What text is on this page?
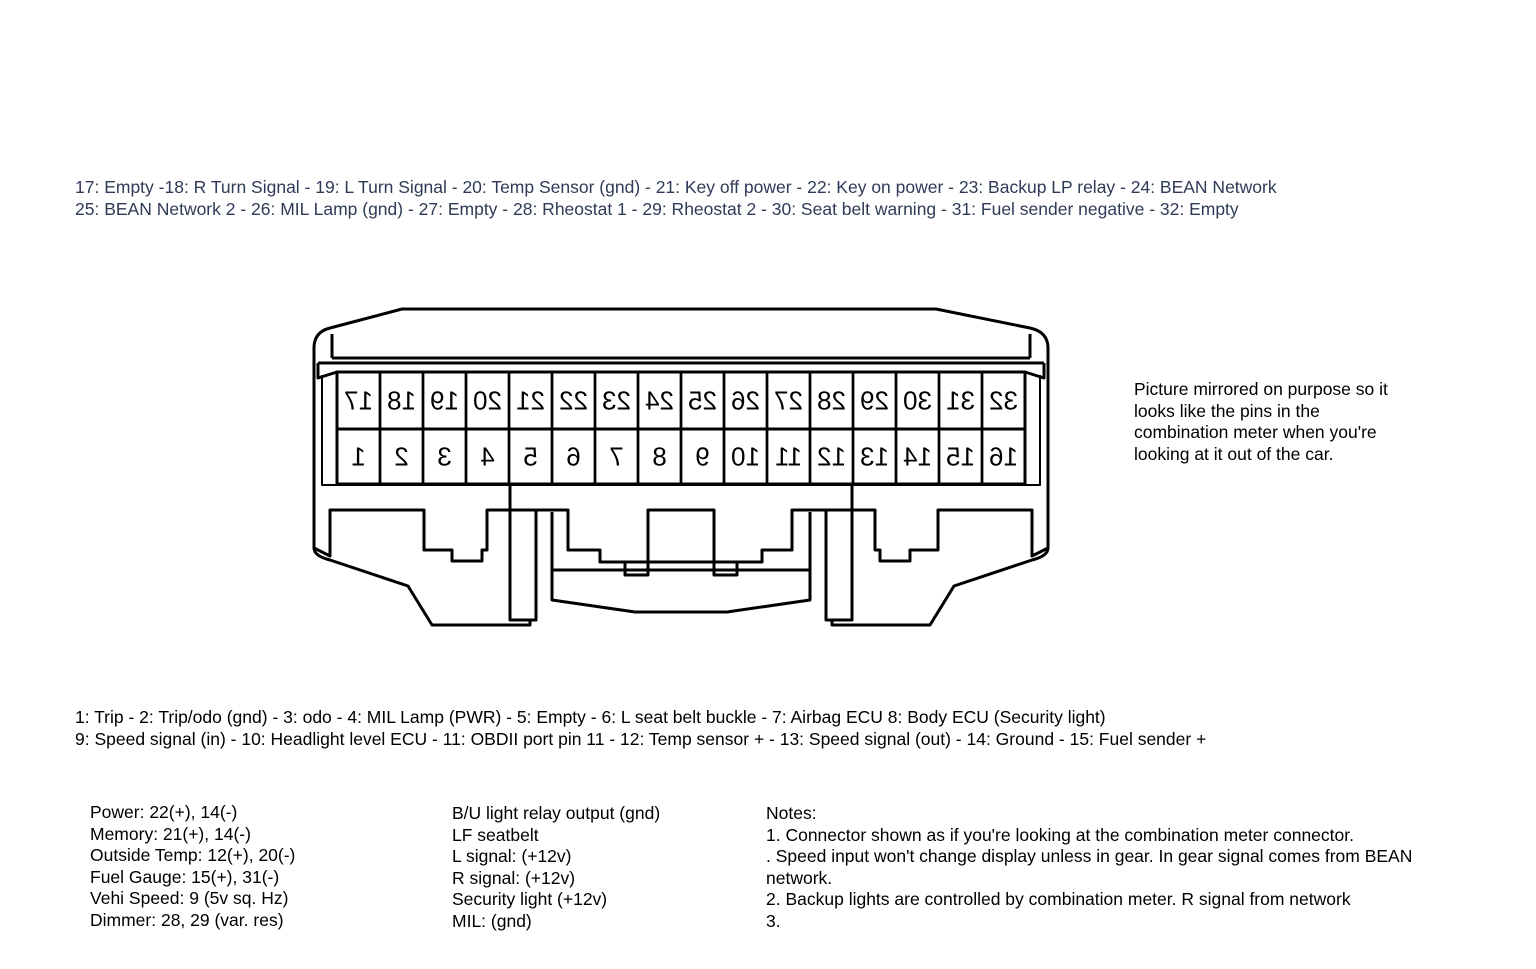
17: Empty -18: R Turn Signal - 19: L Turn Signal - 20: Temp Sensor (gnd) - 21: Key off power - 22: Key on power - 23: Backup LP relay - 24: BEAN Network
25: BEAN Network 2 - 26: MIL Lamp (gnd) - 27: Empty - 28: Rheostat 1 - 29: Rheostat 2 - 30: Seat belt warning - 31: Fuel sender negative - 32: Empty
17 18 19 20 21 22 23 24 25 26 27 28 29 30 31 32
1 2 3 4 5 6 7 8 9 10 11 12 13 14 15 16
Picture mirrored on purpose so it
looks like the pins in the
combination meter when you're
looking at it out of the car.
1: Trip - 2: Trip/odo (gnd) - 3: odo - 4: MIL Lamp (PWR) - 5: Empty - 6: L seat belt buckle - 7: Airbag ECU 8: Body ECU (Security light)
9: Speed signal (in) - 10: Headlight level ECU - 11: OBDII port pin 11 - 12: Temp sensor + - 13: Speed signal (out) - 14: Ground - 15: Fuel sender +
Power: 22(+), 14(-)
Memory: 21(+), 14(-)
Outside Temp: 12(+), 20(-)
Fuel Gauge: 15(+), 31(-)
Vehi Speed: 9 (5v sq. Hz)
Dimmer: 28, 29 (var. res)
B/U light relay output (gnd)
LF seatbelt
L signal: (+12v)
R signal: (+12v)
Security light (+12v)
MIL: (gnd)
Notes:
1. Connector shown as if you're looking at the combination meter connector.
. Speed input won't change display unless in gear. In gear signal comes from BEAN
network.
2. Backup lights are controlled by combination meter. R signal from network
3.
